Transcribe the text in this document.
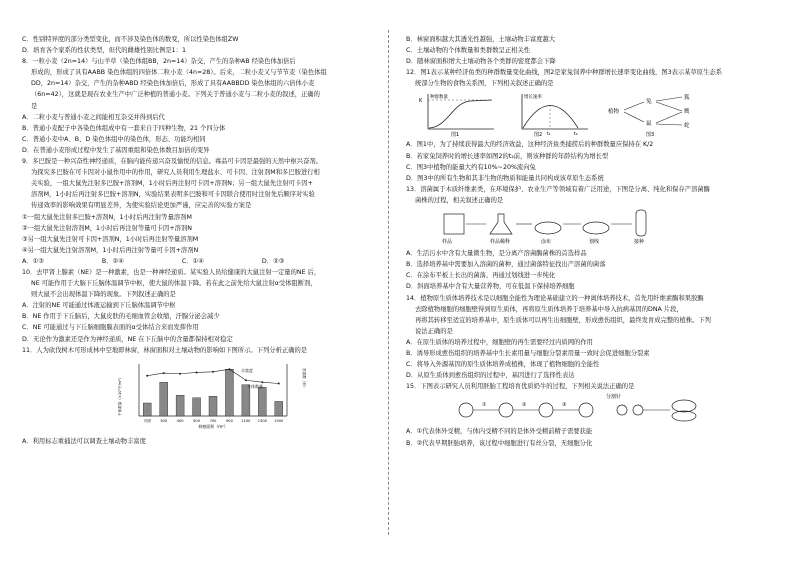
C．性别特异度的部分类型变化，而不涉及染色体的数变，所以性染色体组ZW

D．培育各个家系的性状类型，但代的雌雄性别比例是1：1

8．一粒小麦（2n=14）与山羊草（染色体组BB，2n=14）杂交，产生的杂种AB 经染色体加倍后

形成的，形成了具有AABB 染色体组的四倍体二粒小麦（4n=28）。后来，二粒小麦又与节节麦（染色体组

DD，2n=14）杂交，产生的杂种ABD 经染色体加倍后，形成了具有AABBDD 染色体组的六倍体小麦

（6n=42），这就是现在农业生产中广泛种植的普通小麦。下列关于普通小麦与二粒小麦的叙述，正确的

是

A．二粒小麦与普通小麦之间能相互杂交并得到后代

B．普通小麦配子中各染色体组成中有一套来自于四种生物，21 个四分体

C．普通小麦中A、B、D 染色体组中的染色体，形态、功能均相同

D．在普通小麦形成过程中发生了基因重组和染色体数目加倍的变异

9．多巴胺是一种兴奋性神经递质，在脑内能传递兴奋及愉悦的信息。毒品可卡因是最强的天然中枢兴奋剂。

为探究多巴胺在可卡因对小鼠作用中的作用，研究人员利用生理盐水、可卡因、注射剂M和多巴胺进行相

关实验，一组大鼠先注射多巴胺+溶剂M，1小时后再注射可卡因+溶剂N；另一组大鼠先注射可卡因+

溶剂M，1小时后再注射多巴胺+溶剂N，实验结果表明多巴胺和可卡因联合使用时注射先后顺序对实验

传递效率的影响效果有明显差异，为使实验结论更加严谨，应完善的实验方案是

①一组大鼠先注射多巴胺+溶剂N，1小时后再注射等量溶剂M

②一组大鼠先注射溶剂M，1小时后再注射等量可卡因+溶剂N

③另一组大鼠先注射可卡因+溶剂N，1小时后再注射等量溶剂M

④另一组大鼠先注射溶剂M，1小时后再注射等量可卡因+溶剂N

A．①③	B．②④	C．①④	D．②③

10．去甲肾上腺素（NE）是一种激素，也是一种神经递质。某实验人员给健康的大鼠注射一定量的NE 后，

NE 可能作用于大脑下丘脑体温调节中枢，使大鼠的体温下降。若在此之前先给大鼠注射α受体阻断剂，

则大鼠不会出现体温下降的现象。下列叙述正确的是

A．注射的NE 可能通过体液运输到下丘脑体温调节中枢

B．NE 作用于下丘脑后，大鼠皮肤的毛细血管会收缩，汗腺分泌会减少

C．NE 可能通过与下丘脑细胞膜表面的α受体结合来而发挥作用

D．无论作为激素还是作为神经递质，NE 在下丘脑中的含量都保持相对稳定

11．人为砍伐树木可形成林中空地即林窗，林窗面积对土壤动物的影响如下图所示。下列分析正确的是

对照	300	400	500	700	900 1100 1300 1500
林窗面积（m²）
个体数量（×10³个/m²）	类群数（种）
丰富度
个体数量

A．利用标志重捕法可以调查土壤动物丰富度

B．林窗面积越大其透光性越强，土壤动物丰富度越大

C．土壤动物的个体数量和类群数呈正相关性

D．随林窗面积增大土壤动物各个类群的密度都会下降

12．图1表示某种经济鱼类的种群数量变化曲线，图2是家兔饲养中种群增长速率变化曲线，图3表示某草原生态系

统部分生物的食物关系图，下列相关叙述正确的是

K
种群数量
图1	t₁	t₂
增长速率
图2
植物
兔
鼠
狐
蛇
鹰
图3

A．图1中，为了持续获得最大的经济效益，这种经济鱼类捕捞后的种群数量应保持在 K/2

B．若家兔饲养时的增长速率如图2的t₂前，则该种群的年龄结构为增长型

C．图3中植物的能量大约有10%~20%流向兔

D．图3中的所有生物和其非生物的物质和能量共同构成该草原生态系统

13．溶菌属于木质纤维素类，在环境保护、农业生产等领域有着广泛用途，下图是分离、纯化和保存产溶菌酶

菌株的过程，相关叙述正确的是

样品	样品稀释	涂布	划线	接种

A．生活污水中含有大量微生物，是分离产溶菌酶菌株的首选样品

B．选择培养基中需要加入溶菌的菌种，通过菌落特征找出产溶菌的菌落

C．在涂布平板上长出的菌落，再通过划线进一步纯化

D．斜面培养基中含有大量营养物，可在低温下保持培养细胞

14．植物原生质体培养技术是以细胞全能性为理论基础建立的一种离体培养技术，首先用纤维素酶和果胶酶

去除植物细胞的细胞壁得到原生质体，再将原生质体培养于培养基中导入抗病基因的DNA 片段，

再将其转移至适宜的培养基中，原生质体可以再生出细胞壁，形成愈伤组织，最终发育成完整的植株。下列

说法正确的是

A．在原生质体的培养过程中，细胞壁的再生需要经过内质网的作用

B．诱导形成愈伤组织的培养基中生长素用量与细胞分裂素用量一致时会促进细胞分裂素

C．将导入外源基因的原生质体培养成植株，体现了植物细胞的全能性

D．从原生质体到愈伤组织的过程中，基因进行了选择性表达

15．下图表示研究人员利用胚胎工程培育优质奶牛的过程，下列相关说法正确的是

①	②	③
分割针

A．①代表体外受精，与体内受精不同的是体外受精前精子需要获能

B．②代表早期胚胎培养，该过程中细胞进行有丝分裂，无细胞分化
